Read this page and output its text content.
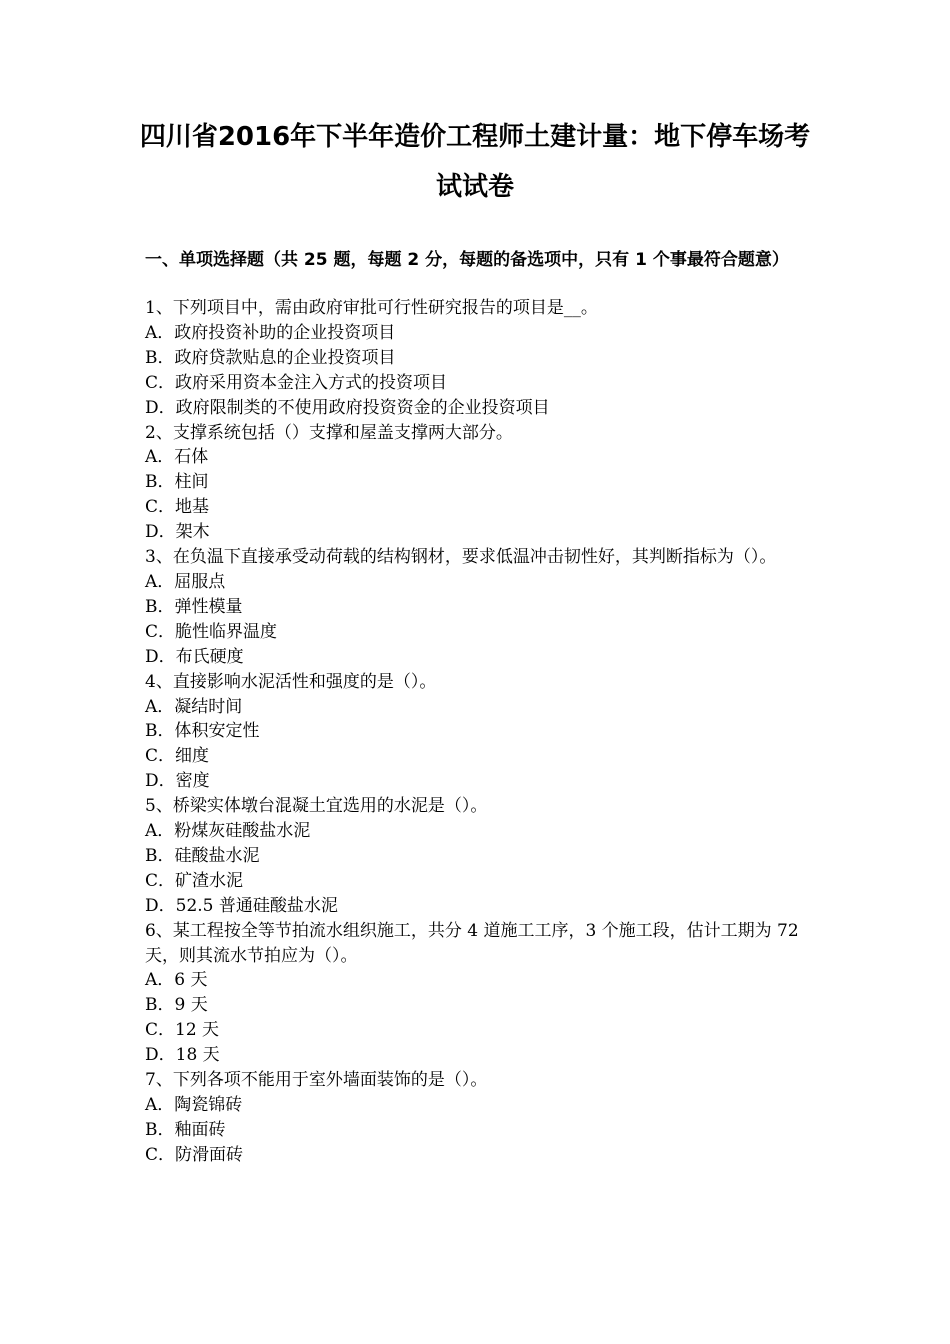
四川省2016年下半年造价工程师土建计量：地下停车场考
试试卷
一、单项选择题（共 25 题，每题 2 分，每题的备选项中，只有 1 个事最符合题意）

1、下列项目中，需由政府审批可行性研究报告的项目是__。

A．政府投资补助的企业投资项目

B．政府贷款贴息的企业投资项目

C．政府采用资本金注入方式的投资项目

D．政府限制类的不使用政府投资资金的企业投资项目

2、支撑系统包括（）支撑和屋盖支撑两大部分。

A．石体

B．柱间

C．地基

D．架木

3、在负温下直接承受动荷载的结构钢材，要求低温冲击韧性好，其判断指标为（）。

A．屈服点

B．弹性模量

C．脆性临界温度

D．布氏硬度

4、直接影响水泥活性和强度的是（）。

A．凝结时间

B．体积安定性

C．细度

D．密度

5、桥梁实体墩台混凝土宜选用的水泥是（）。

A．粉煤灰硅酸盐水泥

B．硅酸盐水泥

C．矿渣水泥

D．52.5 普通硅酸盐水泥

6、某工程按全等节拍流水组织施工，共分 4 道施工工序，3 个施工段，估计工期为 72 天，则其流水节拍应为（）。

A．6 天

B．9 天

C．12 天

D．18 天

7、下列各项不能用于室外墙面装饰的是（）。

A．陶瓷锦砖

B．釉面砖

C．防滑面砖
